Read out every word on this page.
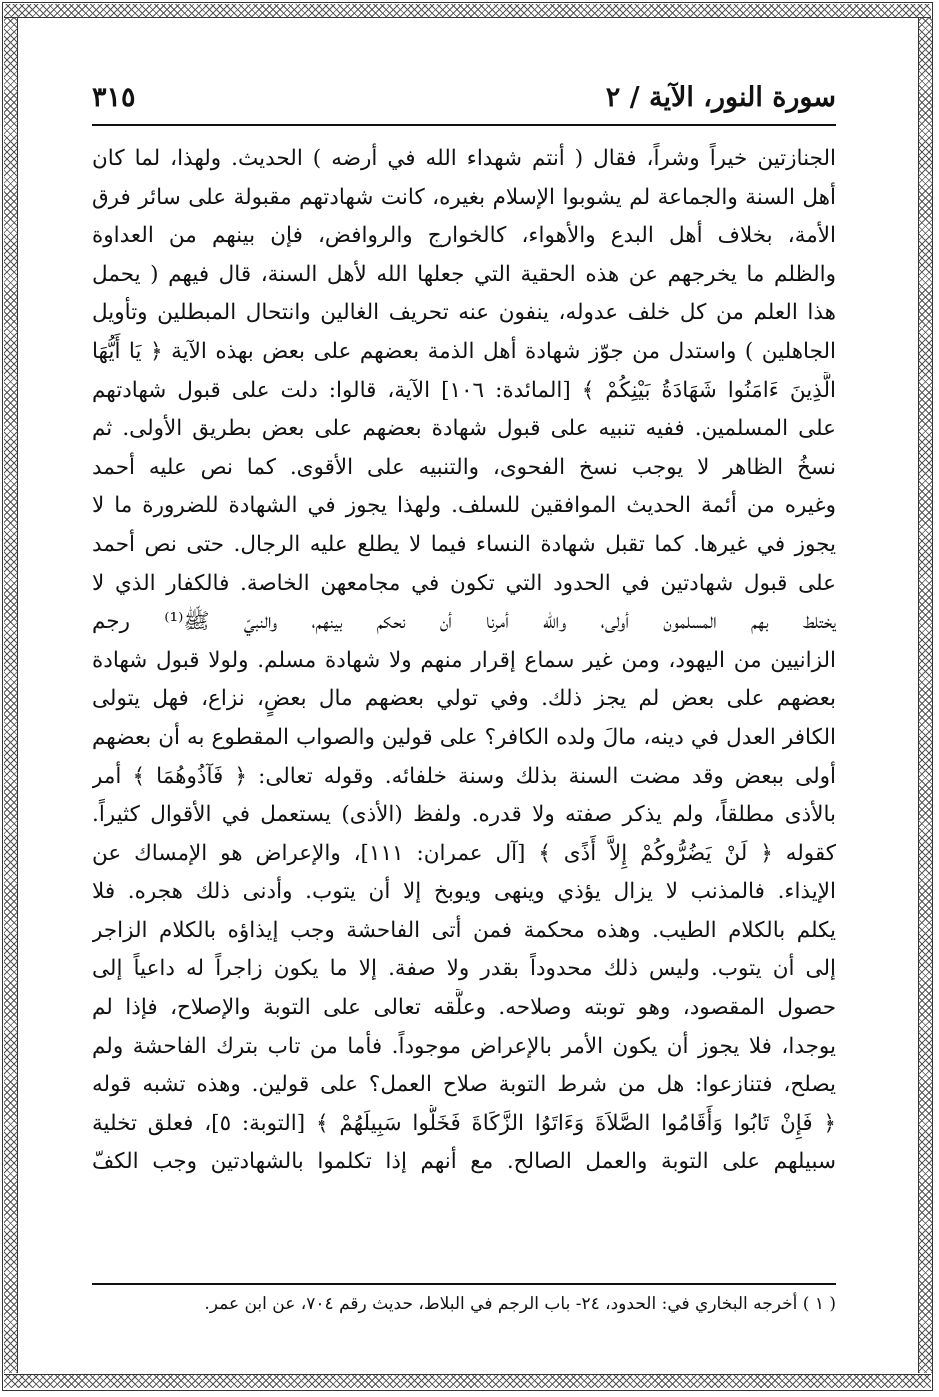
سورة النور، الآية / ٢
٣١٥
الجنازتين خيراً وشراً، فقال ( أنتم شهداء الله في أرضه ) الحديث. ولهذا، لما كان
أهل السنة والجماعة لم يشوبوا الإسلام بغيره، كانت شهادتهم مقبولة على سائر فرق
الأمة، بخلاف أهل البدع والأهواء، كالخوارج والروافض، فإن بينهم من العداوة
والظلم ما يخرجهم عن هذه الحقية التي جعلها الله لأهل السنة، قال فيهم ( يحمل
هذا العلم من كل خلف عدوله، ينفون عنه تحريف الغالين وانتحال المبطلين وتأويل
الجاهلين ) واستدل من جوّز شهادة أهل الذمة بعضهم على بعض بهذه الآية ﴿ يَا أَيُّهَا
الَّذِينَ ءَامَنُوا شَهَادَةُ بَيْنِكُمْ ﴾ [المائدة: ١٠٦] الآية، قالوا: دلت على قبول شهادتهم
على المسلمين. ففيه تنبيه على قبول شهادة بعضهم على بعض بطريق الأولى. ثم
نسخُ الظاهر لا يوجب نسخ الفحوى، والتنبيه على الأقوى. كما نص عليه أحمد
وغيره من أئمة الحديث الموافقين للسلف. ولهذا يجوز في الشهادة للضرورة ما لا
يجوز في غيرها. كما تقبل شهادة النساء فيما لا يطلع عليه الرجال. حتى نص أحمد
على قبول شهادتين في الحدود التي تكون في مجامعهن الخاصة. فالكفار الذي لا
يختلط بهم المسلمون أولى، والله أمرنا أن نحكم بينهم، والنبيّ ﷺ⁽¹⁾ رجم
الزانيين من اليهود، ومن غير سماع إقرار منهم ولا شهادة مسلم. ولولا قبول شهادة
بعضهم على بعض لم يجز ذلك. وفي تولي بعضهم مال بعضٍ، نزاع، فهل يتولى
الكافر العدل في دينه، مالَ ولده الكافر؟ على قولين والصواب المقطوع به أن بعضهم
أولى ببعض وقد مضت السنة بذلك وسنة خلفائه. وقوله تعالى: ﴿ فَآذُوهُمَا ﴾ أمر
بالأذى مطلقاً، ولم يذكر صفته ولا قدره. ولفظ (الأذى) يستعمل في الأقوال كثيراً.
كقوله ﴿ لَنْ يَضُرُّوكُمْ إِلاَّ أَذًى ﴾ [آل عمران: ١١١]، والإعراض هو الإمساك عن
الإيذاء. فالمذنب لا يزال يؤذي وينهى ويوبخ إلا أن يتوب. وأدنى ذلك هجره. فلا
يكلم بالكلام الطيب. وهذه محكمة فمن أتى الفاحشة وجب إيذاؤه بالكلام الزاجر
إلى أن يتوب. وليس ذلك محدوداً بقدر ولا صفة. إلا ما يكون زاجراً له داعياً إلى
حصول المقصود، وهو توبته وصلاحه. وعلَّقه تعالى على التوبة والإصلاح، فإذا لم
يوجدا، فلا يجوز أن يكون الأمر بالإعراض موجوداً. فأما من تاب بترك الفاحشة ولم
يصلح، فتنازعوا: هل من شرط التوبة صلاح العمل؟ على قولين. وهذه تشبه قوله
﴿ فَإِنْ تَابُوا وَأَقَامُوا الصَّلاَةَ وَءَاتَوُا الزَّكَاةَ فَخَلُّوا سَبِيلَهُمْ ﴾ [التوبة: ٥]، فعلق تخلية
سبيلهم على التوبة والعمل الصالح. مع أنهم إذا تكلموا بالشهادتين وجب الكفّ
( ١ ) أخرجه البخاري في: الحدود، ٢٤- باب الرجم في البلاط، حديث رقم ٧٠٤، عن ابن عمر.
